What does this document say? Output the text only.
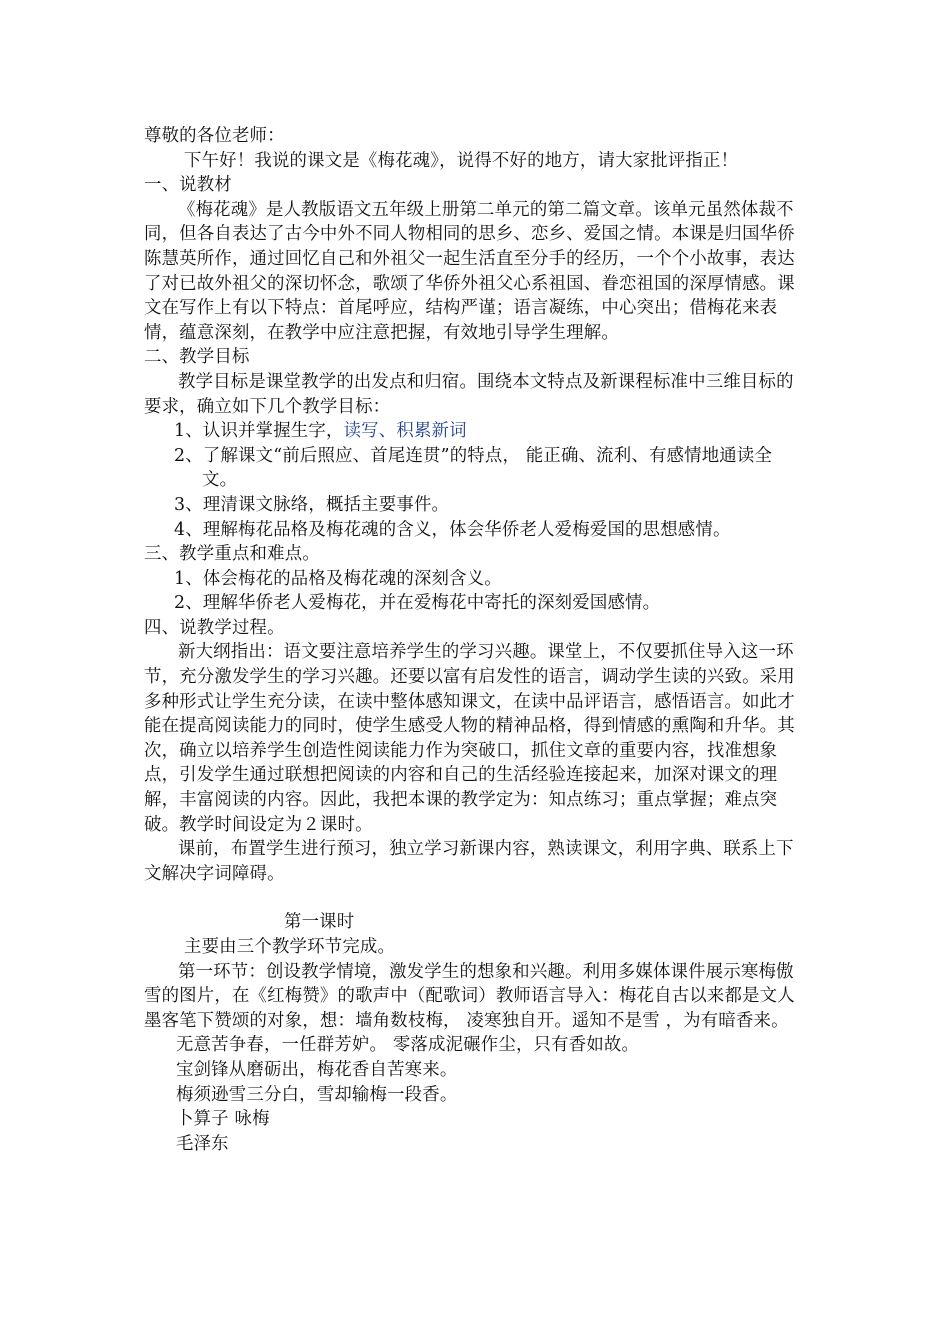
尊敬的各位老师：

下午好！我说的课文是《梅花魂》，说得不好的地方，请大家批评指正！

一、说教材

《梅花魂》是人教版语文五年级上册第二单元的第二篇文章。该单元虽然体裁不同，但各自表达了古今中外不同人物相同的思乡、恋乡、爱国之情。本课是归国华侨陈慧英所作，通过回忆自己和外祖父一起生活直至分手的经历，一个个小故事，表达了对已故外祖父的深切怀念，歌颂了华侨外祖父心系祖国、眷恋祖国的深厚情感。课文在写作上有以下特点：首尾呼应，结构严谨；语言凝练，中心突出；借梅花来表情，蕴意深刻，在教学中应注意把握，有效地引导学生理解。

二、教学目标

教学目标是课堂教学的出发点和归宿。围绕本文特点及新课程标准中三维目标的要求，确立如下几个教学目标：

1、认识并掌握生字，读写、积累新词

2、了解课文“前后照应、首尾连贯”的特点， 能正确、流利、有感情地通读全文。

3、理清课文脉络，概括主要事件。

4、理解梅花品格及梅花魂的含义，体会华侨老人爱梅爱国的思想感情。

三、教学重点和难点。

1、体会梅花的品格及梅花魂的深刻含义。

2、理解华侨老人爱梅花，并在爱梅花中寄托的深刻爱国感情。

四、说教学过程。

新大纲指出：语文要注意培养学生的学习兴趣。课堂上，不仅要抓住导入这一环节，充分激发学生的学习兴趣。还要以富有启发性的语言，调动学生读的兴致。采用多种形式让学生充分读，在读中整体感知课文，在读中品评语言，感悟语言。如此才能在提高阅读能力的同时，使学生感受人物的精神品格，得到情感的熏陶和升华。其次，确立以培养学生创造性阅读能力作为突破口，抓住文章的重要内容，找准想象点，引发学生通过联想把阅读的内容和自己的生活经验连接起来，加深对课文的理解，丰富阅读的内容。因此，我把本课的教学定为：知点练习；重点掌握；难点突破。教学时间设定为２课时。

课前，布置学生进行预习，独立学习新课内容，熟读课文，利用字典、联系上下文解决字词障碍。

第一课时

主要由三个教学环节完成。

第一环节：创设教学情境，激发学生的想象和兴趣。利用多媒体课件展示寒梅傲雪的图片，在《红梅赞》的歌声中（配歌词）教师语言导入：梅花自古以来都是文人墨客笔下赞颂的对象，想：墙角数枝梅， 凌寒独自开。遥知不是雪 ，为有暗香来。

无意苦争春，一任群芳妒。 零落成泥碾作尘，只有香如故。

宝剑锋从磨砺出，梅花香自苦寒来。

梅须逊雪三分白，雪却输梅一段香。

卜算子 咏梅

毛泽东
